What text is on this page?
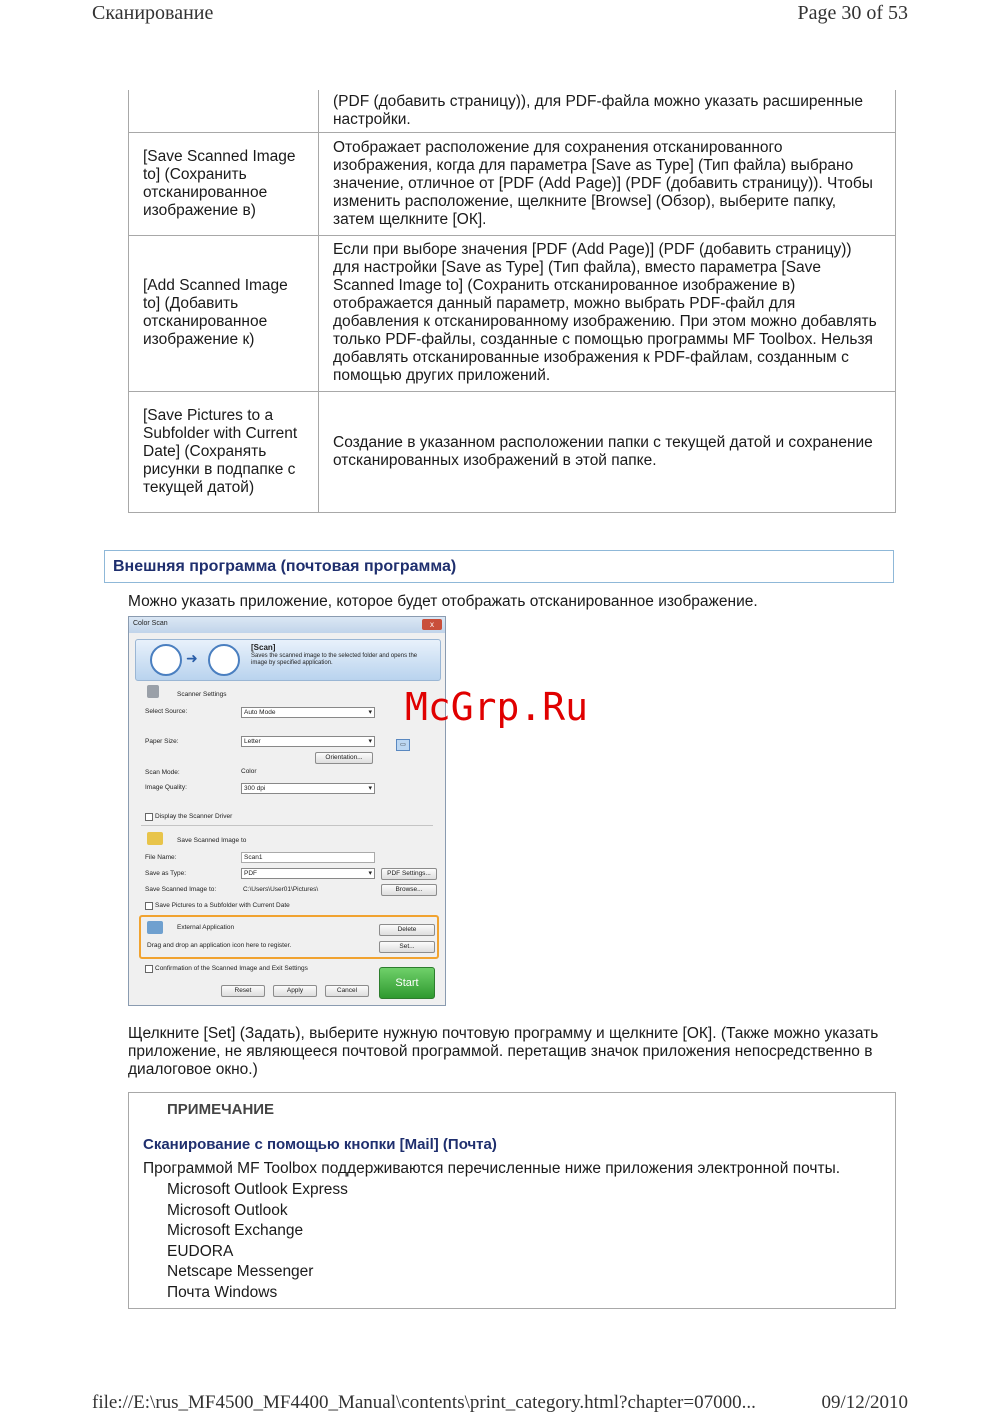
Сканирование	Page 30 of 53
	(PDF (добавить страницу)), для PDF-файла можно указать расширенные настройки.
[Save Scanned Image to] (Сохранить отсканированное изображение в)	Отображает расположение для сохранения отсканированного изображения, когда для параметра [Save as Type] (Тип файла) выбрано значение, отличное от [PDF (Add Page)] (PDF (добавить страницу)). Чтобы изменить расположение, щелкните [Browse] (Обзор), выберите папку, затем щелкните [ОК].
[Add Scanned Image to] (Добавить отсканированное изображение к)	Если при выборе значения [PDF (Add Page)] (PDF (добавить страницу)) для настройки [Save as Type] (Тип файла), вместо параметра [Save Scanned Image to] (Сохранить отсканированное изображение в) отображается данный параметр, можно выбрать PDF-файл для добавления к отсканированному изображению. При этом можно добавлять только PDF-файлы, созданные с помощью программы MF Toolbox. Нельзя добавлять отсканированные изображения к PDF-файлам, созданным с помощью других приложений.
[Save Pictures to a Subfolder with Current Date] (Сохранять рисунки в подпапке с текущей датой)	Создание в указанном расположении папки с текущей датой и сохранение отсканированных изображений в этой папке.
Внешняя программа (почтовая программа)
Можно указать приложение, которое будет отображать отсканированное изображение.
Color Scan	x
➜
[Scan]
Saves the scanned image to the selected folder and opens the image by specified application.
Scanner Settings
Select Source:	Auto Mode ▾
Paper Size:	Letter ▾
Orientation...
Scan Mode:	Color
Image Quality:	300 dpi ▾
Display the Scanner Driver
Save Scanned Image to
File Name:	Scan1
Save as Type:	PDF ▾	PDF Settings...
Save Scanned Image to:	C:\Users\User01\Pictures\	Browse...
Save Pictures to a Subfolder with Current Date
External Application
Drag and drop an application icon here to register.
Delete
Set...
Confirmation of the Scanned Image and Exit Settings
Reset	Apply	Cancel
Start
▭
McGrp.Ru
Щелкните [Set] (Задать), выберите нужную почтовую программу и щелкните [ОК]. (Также можно указать приложение, не являющееся почтовой программой. перетащив значок приложения непосредственно в диалоговое окно.)
ПРИМЕЧАНИЕ
Сканирование с помощью кнопки [Mail] (Почта)
Программой MF Toolbox поддерживаются перечисленные ниже приложения электронной почты.
Microsoft Outlook Express
Microsoft Outlook
Microsoft Exchange
EUDORA
Netscape Messenger
Почта Windows
file://E:\rus_MF4500_MF4400_Manual\contents\print_category.html?chapter=07000...	09/12/2010
